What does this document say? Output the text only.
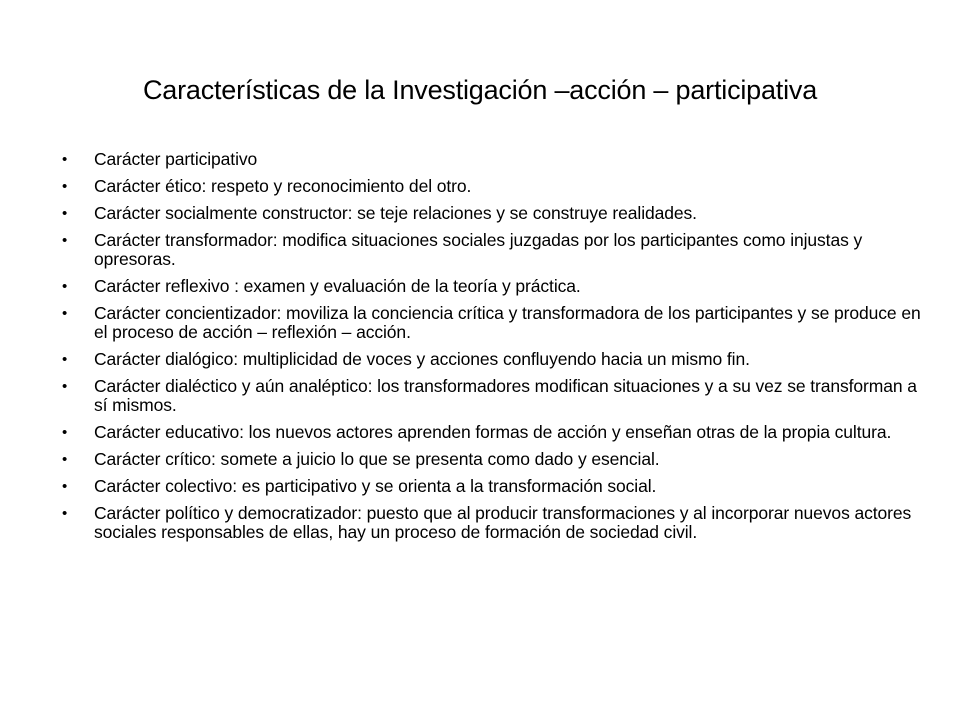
Características de la Investigación –acción – participativa
•	Carácter participativo
•	Carácter ético: respeto y reconocimiento del otro.
•	Carácter socialmente constructor: se teje relaciones y se construye realidades.
•	Carácter transformador: modifica situaciones sociales juzgadas por los participantes como injustas y opresoras.
•	Carácter reflexivo : examen y evaluación de la teoría y práctica.
•	Carácter concientizador: moviliza la conciencia crítica y transformadora de los participantes y se produce en el proceso de acción – reflexión – acción.
•	Carácter dialógico: multiplicidad de voces y acciones confluyendo hacia un mismo fin.
•	Carácter dialéctico y aún analéptico: los transformadores modifican situaciones y a su vez se transforman a sí mismos.
•	Carácter educativo: los nuevos actores aprenden formas de acción y enseñan otras de la propia cultura.
•	Carácter crítico: somete a juicio lo que se presenta como dado y esencial.
•	Carácter colectivo: es participativo y se orienta a la transformación social.
•	Carácter político y democratizador: puesto que al producir transformaciones y al incorporar nuevos actores sociales responsables de ellas, hay un proceso de formación de sociedad civil.
